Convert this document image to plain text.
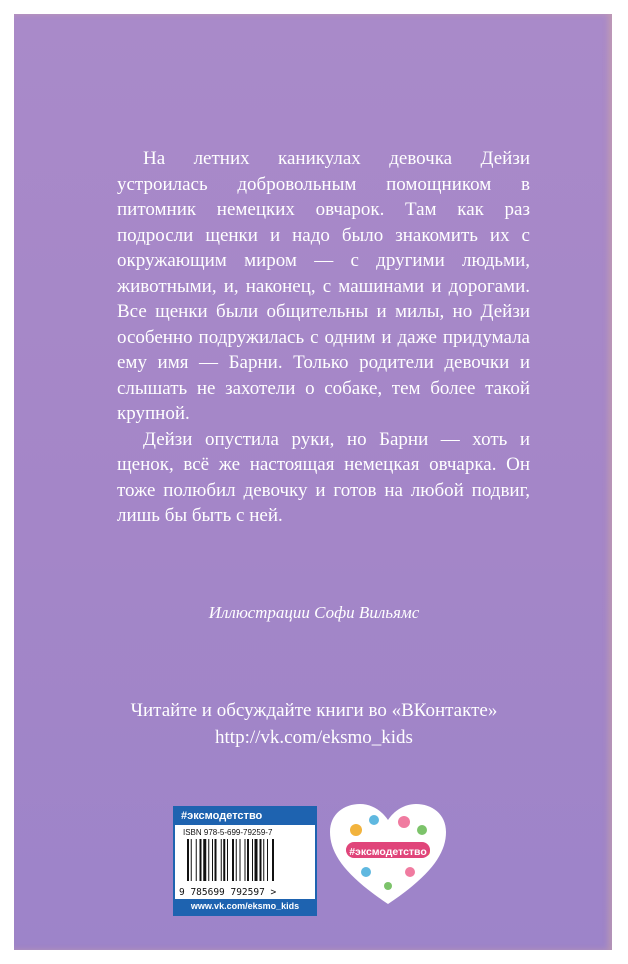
На летних каникулах девочка Дейзи устроилась добровольным помощником в питомник немецких овчарок. Там как раз подросли щенки и надо было знакомить их с окружающим миром — с другими людьми, животными, и, наконец, с машинами и дорогами. Все щенки были общительны и милы, но Дейзи особенно подружилась с одним и даже придумала ему имя — Барни. Только родители девочки и слышать не захотели о собаке, тем более такой крупной.

Дейзи опустила руки, но Барни — хоть и щенок, всё же настоящая немецкая овчарка. Он тоже полюбил девочку и готов на любой подвиг, лишь бы быть с ней.

Иллюстрации Софи Вильямс
Читайте и обсуждайте книги во «ВКонтакте»
http://vk.com/eksmo_kids
#эксмодетство
ISBN 978-5-699-79259-7
9 785699 792597 >
www.vk.com/eksmo_kids
#эксмодетство
